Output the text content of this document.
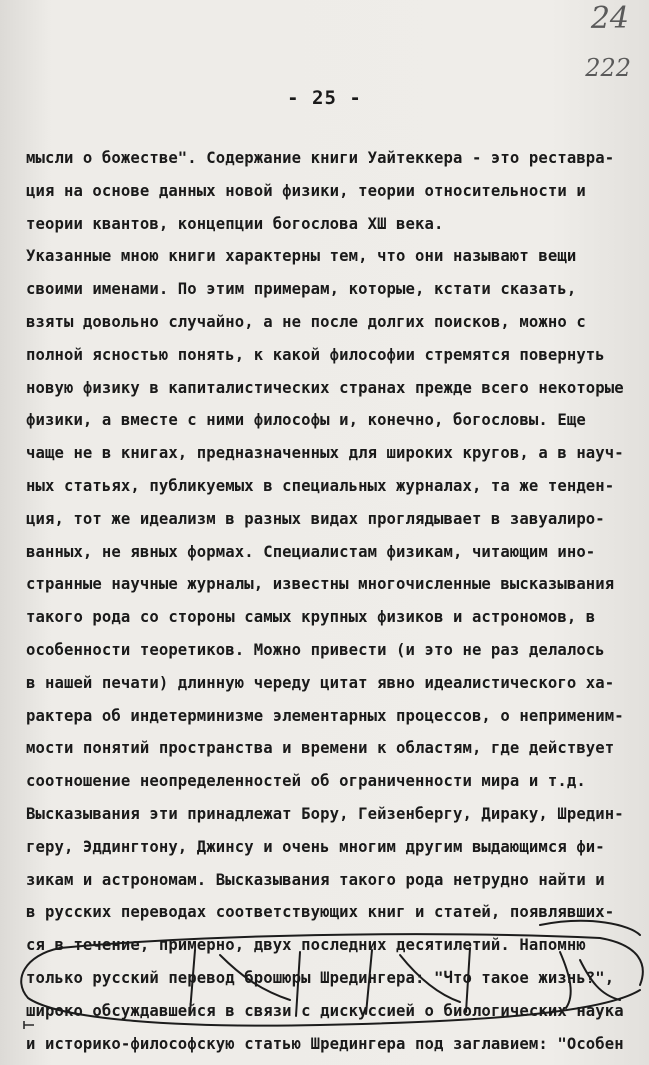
24
222
- 25 -
мысли о божестве". Содержание книги Уайтеккера - это реставра-
ция на основе данных новой физики, теории относительности и
теории квантов, концепции богослова XШ века.
Указанные мною книги характерны тем, что они называют вещи
своими именами. По этим примерам, которые, кстати сказать,
взяты довольно случайно, а не после долгих поисков, можно с
полной ясностью понять, к какой философии стремятся повернуть
новую физику в капиталистических странах прежде всего некоторые
физики, а вместе с ними философы и, конечно, богословы. Еще
чаще не в книгах, предназначенных для широких кругов, а в науч-
ных статьях, публикуемых в специальных журналах, та же тенден-
ция, тот же идеализм в разных видах проглядывает в завуалиро-
ванных, не явных формах. Специалистам физикам, читающим ино-
странные научные журналы, известны многочисленные высказывания
такого рода со стороны самых крупных физиков и астрономов, в
особенности теоретиков. Можно привести (и это не раз делалось
в нашей печати) длинную череду цитат явно идеалистического ха-
рактера об индетерминизме элементарных процессов, о неприменим-
мости понятий пространства и времени к областям, где действует
соотношение неопределенностей об ограниченности мира и т.д.
Высказывания эти принадлежат Бору, Гейзенбергу, Дираку, Шредин-
геру, Эддингтону, Джинсу и очень многим другим выдающимся фи-
зикам и астрономам. Высказывания такого рода нетрудно найти и
в русских переводах соответствующих книг и статей, появлявших-
ся в течение, примерно, двух последних десятилетий. Напомню
только русский перевод брошюры Шредингера: "Что такое жизнь?",
широко обсуждавшейся в связи с дискуссией о биологических наука
и историко-философскую статью Шредингера под заглавием: "Особен
